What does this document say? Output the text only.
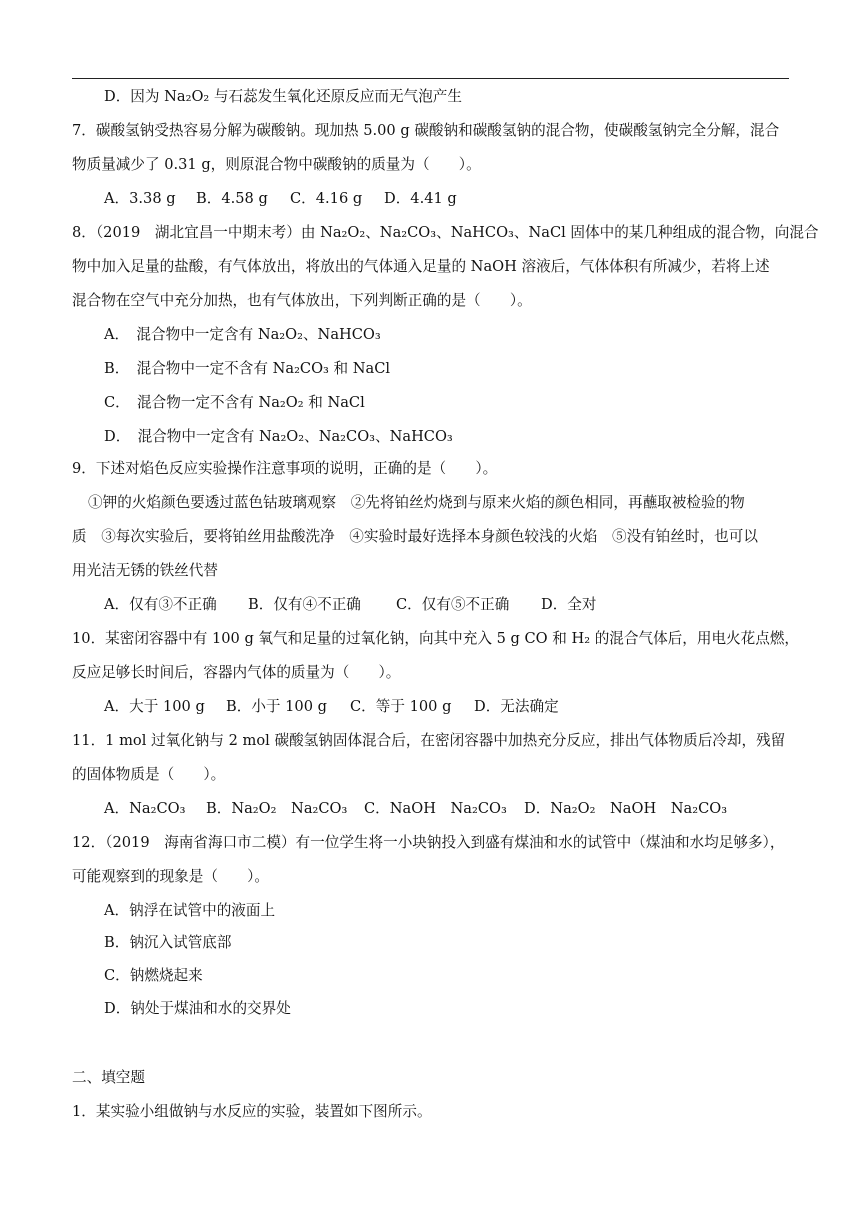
D．因为 Na₂O₂ 与石蕊发生氧化还原反应而无气泡产生
7．碳酸氢钠受热容易分解为碳酸钠。现加热 5.00 g 碳酸钠和碳酸氢钠的混合物，使碳酸氢钠完全分解，混合
物质量减少了 0.31 g，则原混合物中碳酸钠的质量为（　　）。
A．3.38 g B．4.58 g C．4.16 g D．4.41 g
8．（2019　湖北宜昌一中期末考）由 Na₂O₂、Na₂CO₃、NaHCO₃、NaCl 固体中的某几种组成的混合物，向混合
物中加入足量的盐酸，有气体放出，将放出的气体通入足量的 NaOH 溶液后，气体体积有所减少，若将上述
混合物在空气中充分加热，也有气体放出，下列判断正确的是（　　）。
A．　混合物中一定含有 Na₂O₂、NaHCO₃
B．　混合物中一定不含有 Na₂CO₃ 和 NaCl
C．　混合物一定不含有 Na₂O₂ 和 NaCl
D．　混合物中一定含有 Na₂O₂、Na₂CO₃、NaHCO₃
9．下述对焰色反应实验操作注意事项的说明，正确的是（　　）。
①钾的火焰颜色要透过蓝色钴玻璃观察　②先将铂丝灼烧到与原来火焰的颜色相同，再蘸取被检验的物
质　③每次实验后，要将铂丝用盐酸洗净　④实验时最好选择本身颜色较浅的火焰　⑤没有铂丝时，也可以
用光洁无锈的铁丝代替
A．仅有③不正确 B．仅有④不正确 C．仅有⑤不正确 D．全对
10．某密闭容器中有 100 g 氧气和足量的过氧化钠，向其中充入 5 g CO 和 H₂ 的混合气体后，用电火花点燃，
反应足够长时间后，容器内气体的质量为（　　）。
A．大于 100 g B．小于 100 g C．等于 100 g D．无法确定
11．1 mol 过氧化钠与 2 mol 碳酸氢钠固体混合后，在密闭容器中加热充分反应，排出气体物质后冷却，残留
的固体物质是（　　）。
A．Na₂CO₃ B．Na₂O₂　Na₂CO₃ C．NaOH　Na₂CO₃ D．Na₂O₂　NaOH　Na₂CO₃
12．（2019　海南省海口市二模）有一位学生将一小块钠投入到盛有煤油和水的试管中（煤油和水均足够多），
可能观察到的现象是（　　）。
A．钠浮在试管中的液面上
B．钠沉入试管底部
C．钠燃烧起来
D．钠处于煤油和水的交界处
二、填空题
1．某实验小组做钠与水反应的实验，装置如下图所示。
